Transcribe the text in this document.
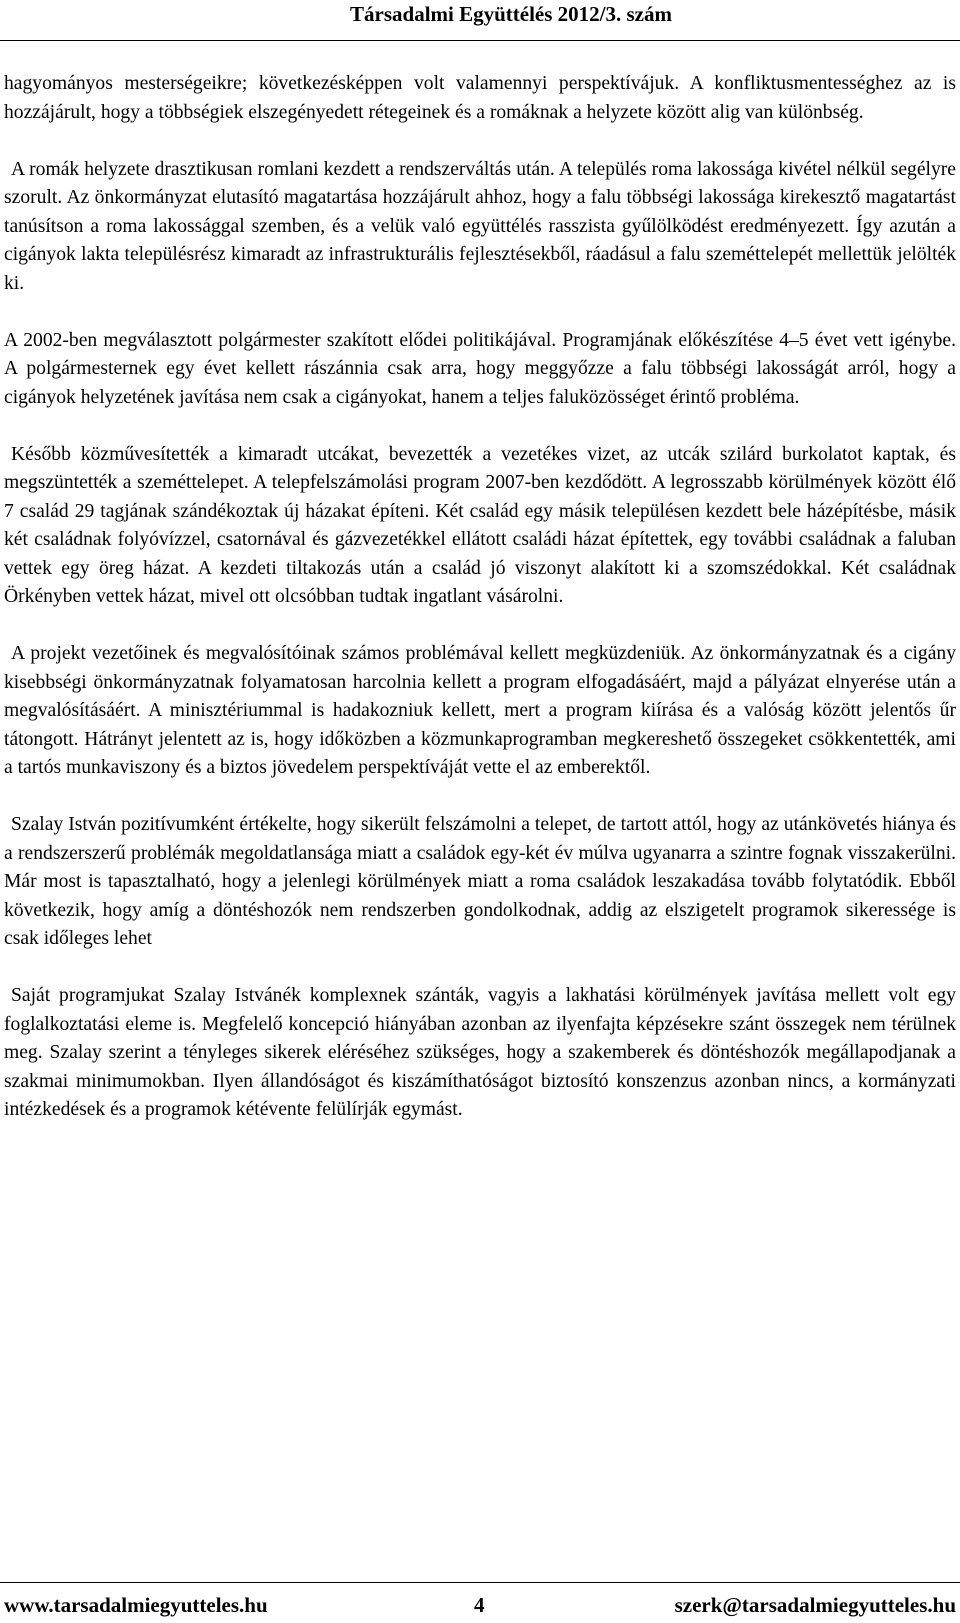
Társadalmi Együttélés 2012/3. szám

hagyományos mesterségeikre; következésképpen volt valamennyi perspektívájuk. A konfliktusmentességhez az is hozzájárult, hogy a többségiek elszegényedett rétegeinek és a romáknak a helyzete között alig van különbség.

A romák helyzete drasztikusan romlani kezdett a rendszerváltás után. A település roma lakossága kivétel nélkül segélyre szorult. Az önkormányzat elutasító magatartása hozzájárult ahhoz, hogy a falu többségi lakossága kirekesztő magatartást tanúsítson a roma lakossággal szemben, és a velük való együttélés rasszista gyűlölködést eredményezett. Így azután a cigányok lakta településrész kimaradt az infrastrukturális fejlesztésekből, ráadásul a falu szeméttelepét mellettük jelölték ki.

A 2002-ben megválasztott polgármester szakított elődei politikájával. Programjának előkészítése 4–5 évet vett igénybe. A polgármesternek egy évet kellett rászánnia csak arra, hogy meggyőzze a falu többségi lakosságát arról, hogy a cigányok helyzetének javítása nem csak a cigányokat, hanem a teljes faluközösséget érintő probléma.

Később közművesítették a kimaradt utcákat, bevezették a vezetékes vizet, az utcák szilárd burkolatot kaptak, és megszüntették a szeméttelepet. A telepfelszámolási program 2007-ben kezdődött. A legrosszabb körülmények között élő 7 család 29 tagjának szándékoztak új házakat építeni. Két család egy másik településen kezdett bele házépítésbe, másik két családnak folyóvízzel, csatornával és gázvezetékkel ellátott családi házat építettek, egy további családnak a faluban vettek egy öreg házat. A kezdeti tiltakozás után a család jó viszonyt alakított ki a szomszédokkal. Két családnak Örkényben vettek házat, mivel ott olcsóbban tudtak ingatlant vásárolni.

A projekt vezetőinek és megvalósítóinak számos problémával kellett megküzdeniük. Az önkormányzatnak és a cigány kisebbségi önkormányzatnak folyamatosan harcolnia kellett a program elfogadásáért, majd a pályázat elnyerése után a megvalósításáért. A minisztériummal is hadakozniuk kellett, mert a program kiírása és a valóság között jelentős űr tátongott. Hátrányt jelentett az is, hogy időközben a közmunkaprogramban megkereshető összegeket csökkentették, ami a tartós munkaviszony és a biztos jövedelem perspektíváját vette el az emberektől.

Szalay István pozitívumként értékelte, hogy sikerült felszámolni a telepet, de tartott attól, hogy az utánkövetés hiánya és a rendszerszerű problémák megoldatlansága miatt a családok egy-két év múlva ugyanarra a szintre fognak visszakerülni. Már most is tapasztalható, hogy a jelenlegi körülmények miatt a roma családok leszakadása tovább folytatódik. Ebből következik, hogy amíg a döntéshozók nem rendszerben gondolkodnak, addig az elszigetelt programok sikeressége is csak időleges lehet

Saját programjukat Szalay Istvánék komplexnek szánták, vagyis a lakhatási körülmények javítása mellett volt egy foglalkoztatási eleme is. Megfelelő koncepció hiányában azonban az ilyenfajta képzésekre szánt összegek nem térülnek meg. Szalay szerint a tényleges sikerek eléréséhez szükséges, hogy a szakemberek és döntéshozók megállapodjanak a szakmai minimumokban. Ilyen állandóságot és kiszámíthatóságot biztosító konszenzus azonban nincs, a kormányzati intézkedések és a programok kétévente felülírják egymást.

www.tarsadalmiegyutteles.hu	4	szerk@tarsadalmiegyutteles.hu
